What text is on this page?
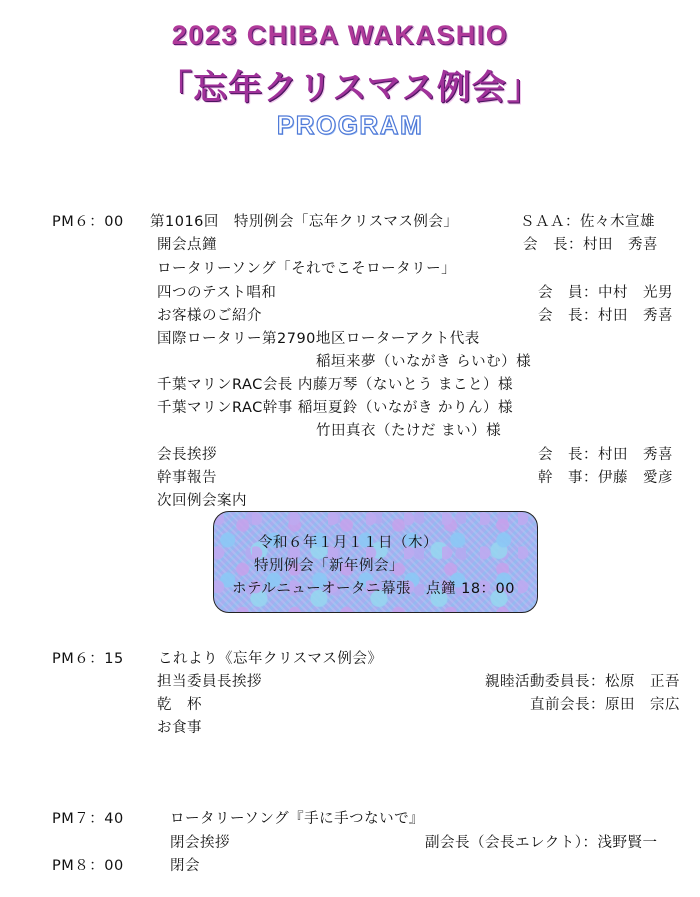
2023 CHIBA WAKASHIO
「忘年クリスマス例会」
PROGRAM
PM６：00 第1016回　特別例会「忘年クリスマス例会」	ＳＡＡ：佐々木宣雄
開会点鐘	会　長：村田　秀喜
ロータリーソング「それでこそロータリー」
四つのテスト唱和	会　員：中村　光男
お客様のご紹介	会　長：村田　秀喜
国際ロータリー第2790地区ローターアクト代表
稲垣来夢（いながき らいむ）様
千葉マリンRAC会長 内藤万琴（ないとう まこと）様
千葉マリンRAC幹事 稲垣夏鈴（いながき かりん）様
竹田真衣（たけだ まい）様
会長挨拶	会　長：村田　秀喜
幹事報告	幹　事：伊藤　愛彦
次回例会案内
令和６年１月１１日（木）
特別例会「新年例会」
ホテルニューオータニ幕張　点鐘 18：00
PM６：15 これより《忘年クリスマス例会》
担当委員長挨拶	親睦活動委員長：松原　正吾
乾　杯	直前会長：原田　宗広
お食事
PM７：40	ロータリーソング『手に手つないで』
閉会挨拶	副会長（会長エレクト）：浅野賢一
PM８：00	閉会
